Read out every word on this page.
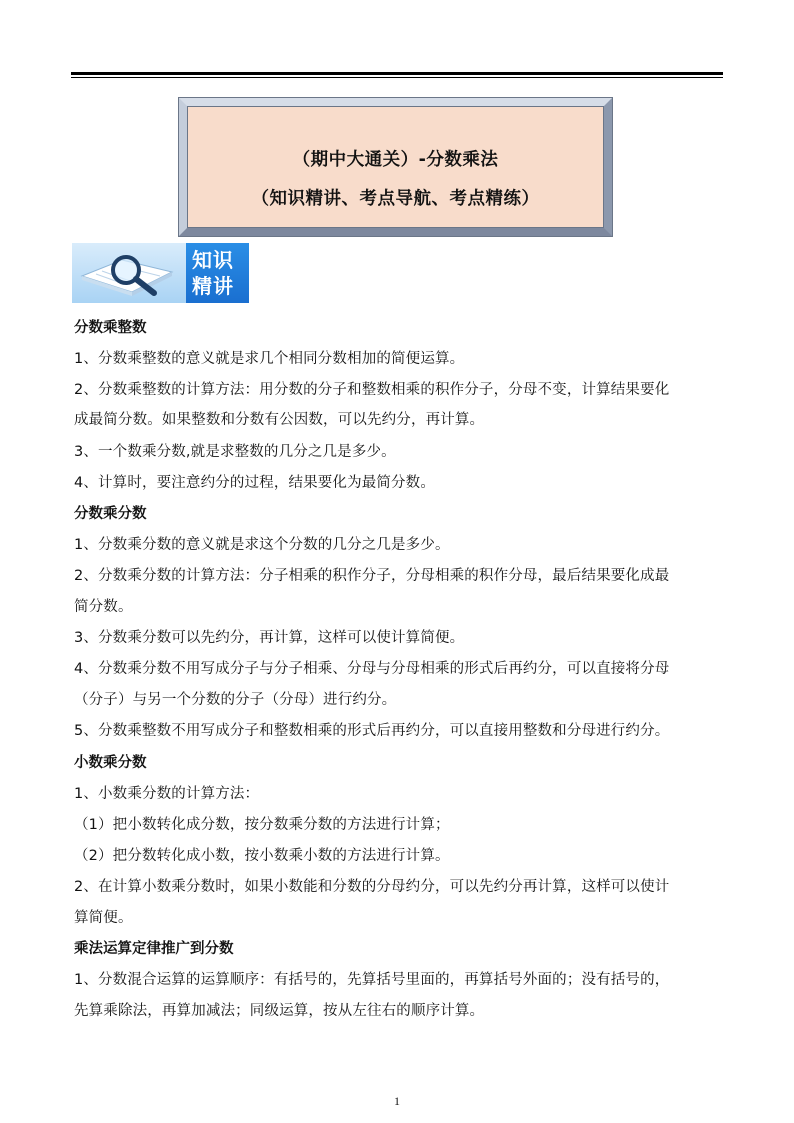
（期中大通关）-分数乘法
（知识精讲、考点导航、考点精练）
知识
精讲
分数乘整数
1、分数乘整数的意义就是求几个相同分数相加的简便运算。
2、分数乘整数的计算方法：用分数的分子和整数相乘的积作分子，分母不变，计算结果要化
成最简分数。如果整数和分数有公因数，可以先约分，再计算。
3、一个数乘分数,就是求整数的几分之几是多少。
4、计算时，要注意约分的过程，结果要化为最简分数。
分数乘分数
1、分数乘分数的意义就是求这个分数的几分之几是多少。
2、分数乘分数的计算方法：分子相乘的积作分子，分母相乘的积作分母，最后结果要化成最
简分数。
3、分数乘分数可以先约分，再计算，这样可以使计算简便。
4、分数乘分数不用写成分子与分子相乘、分母与分母相乘的形式后再约分，可以直接将分母
（分子）与另一个分数的分子（分母）进行约分。
5、分数乘整数不用写成分子和整数相乘的形式后再约分，可以直接用整数和分母进行约分。
小数乘分数
1、小数乘分数的计算方法：
（1）把小数转化成分数，按分数乘分数的方法进行计算；
（2）把分数转化成小数，按小数乘小数的方法进行计算。
2、在计算小数乘分数时，如果小数能和分数的分母约分，可以先约分再计算，这样可以使计
算简便。
乘法运算定律推广到分数
1、分数混合运算的运算顺序：有括号的，先算括号里面的，再算括号外面的；没有括号的，
先算乘除法，再算加减法；同级运算，按从左往右的顺序计算。
1
